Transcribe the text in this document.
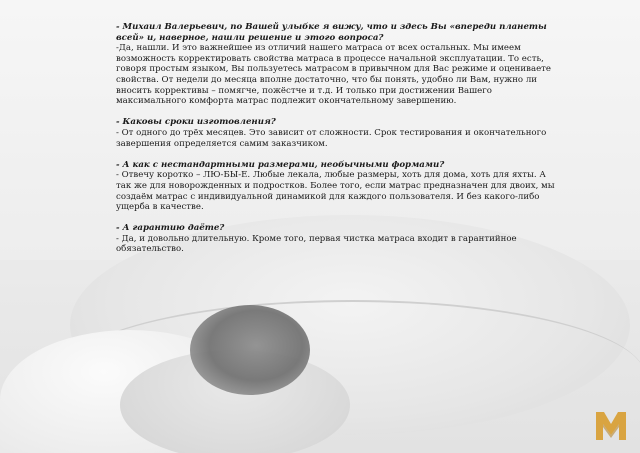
- Михаил Валерьевич, по Вашей улыбке я вижу, что и здесь Вы «впереди планеты всей» и, наверное, нашли решение и этого вопроса?
-Да, нашли. И это важнейшее из отличий нашего матраса от всех остальных. Мы имеем возможность корректировать свойства матраса в процессе начальной эксплуатации. То есть, говоря простым языком, Вы пользуетесь матрасом в привычном для Вас режиме и оцениваете свойства. От недели до месяца вполне достаточно, что бы понять, удобно ли Вам, нужно ли вносить коррективы – помягче, пожёстче и т.д. И только при достижении Вашего максимального комфорта матрас подлежит окончательному завершению.

- Каковы сроки изготовления?
- От одного до трёх месяцев. Это зависит от сложности. Срок тестирования и окончательного завершения определяется самим заказчиком.

- А как с нестандартными размерами, необычными формами?
- Отвечу коротко – ЛЮ-БЫ-Е. Любые лекала, любые размеры, хоть для дома, хоть для яхты. А так же для новорожденных и подростков. Более того, если матрас предназначен для двоих, мы создаём матрас с индивидуальной динамикой для каждого пользователя. И без какого-либо ущерба в качестве.

- А гарантию даёте?
- Да, и довольно длительную. Кроме того, первая чистка матраса входит в гарантийное обязательство.
